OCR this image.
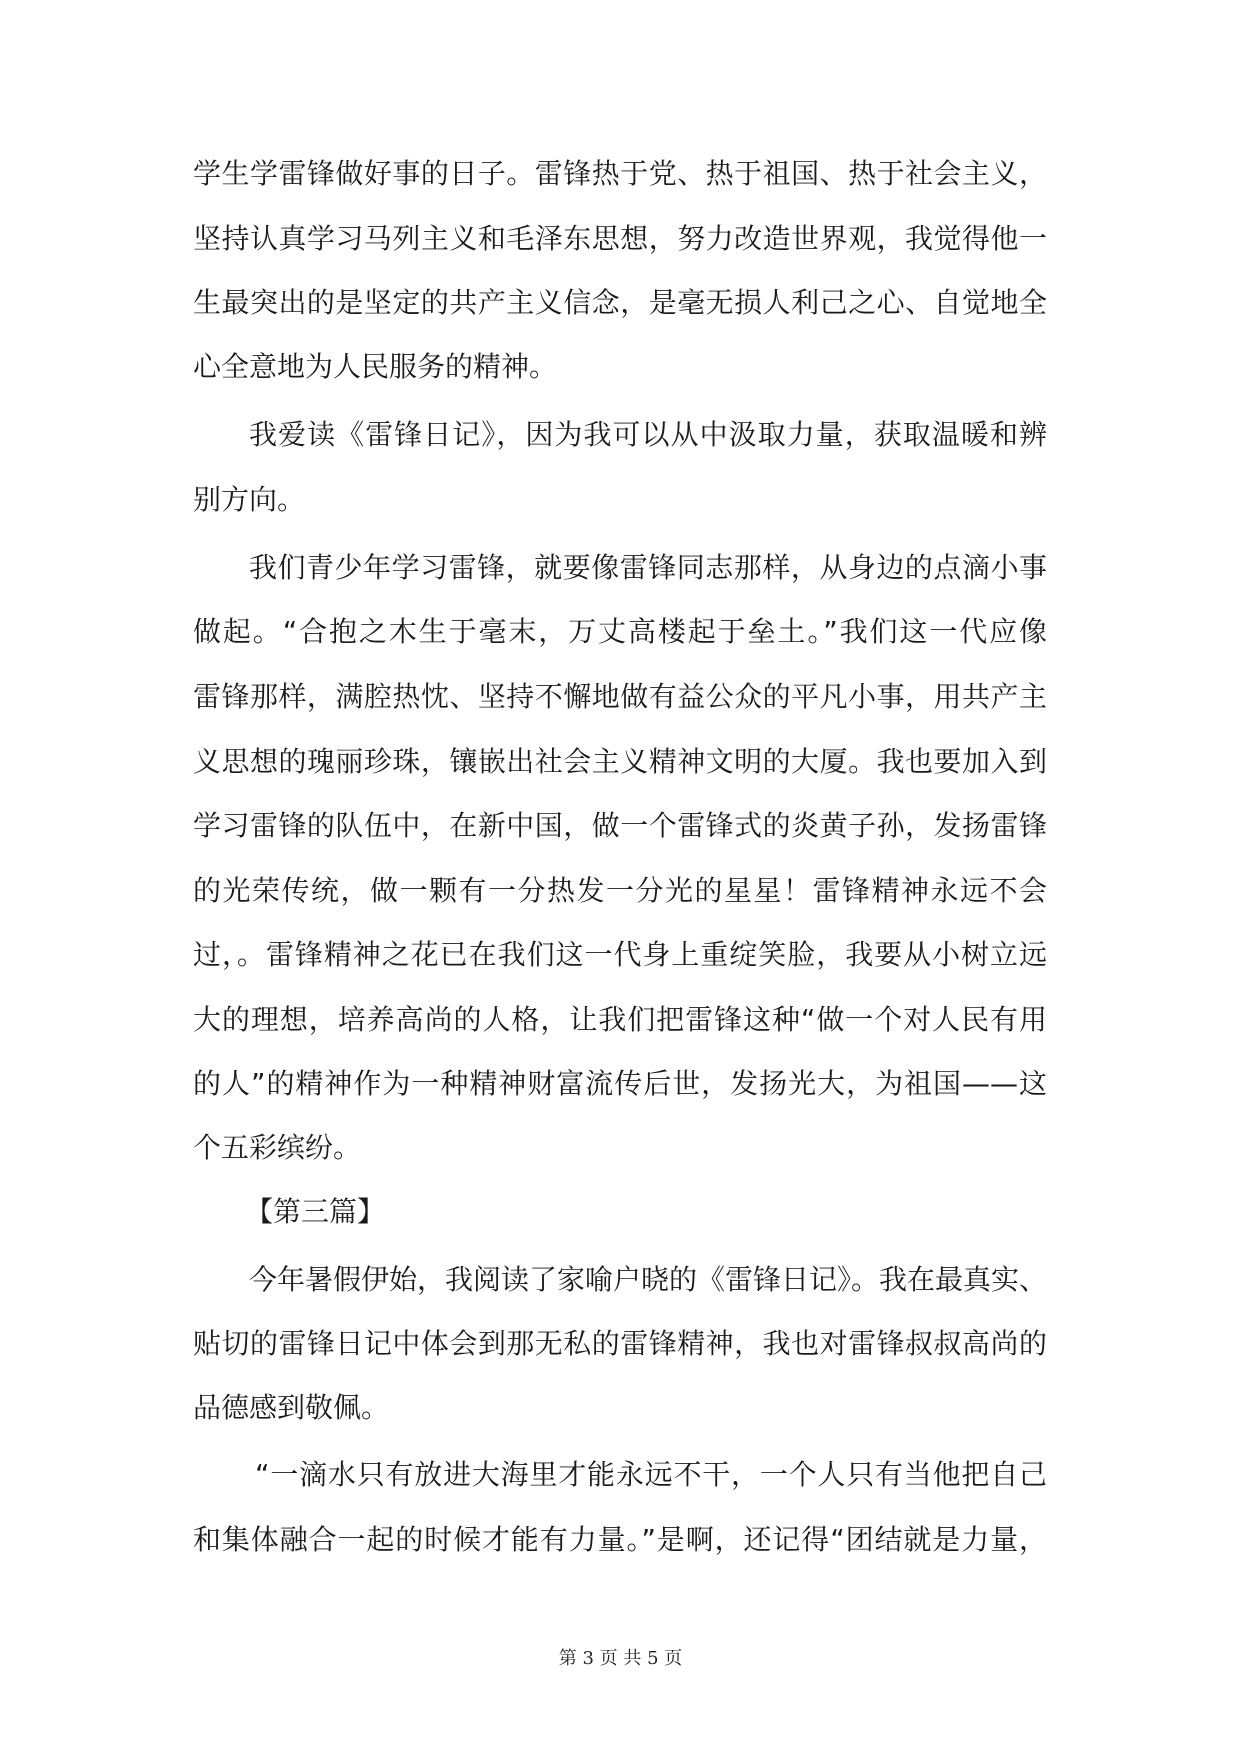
学生学雷锋做好事的日子。雷锋热于党、热于祖国、热于社会主义，
坚持认真学习马列主义和毛泽东思想，努力改造世界观，我觉得他一
生最突出的是坚定的共产主义信念，是毫无损人利己之心、自觉地全
心全意地为人民服务的精神。
我爱读《雷锋日记》，因为我可以从中汲取力量，获取温暖和辨
别方向。
我们青少年学习雷锋，就要像雷锋同志那样，从身边的点滴小事
做起。“合抱之木生于毫末，万丈高楼起于垒土。”我们这一代应像
雷锋那样，满腔热忱、坚持不懈地做有益公众的平凡小事，用共产主
义思想的瑰丽珍珠，镶嵌出社会主义精神文明的大厦。我也要加入到
学习雷锋的队伍中，在新中国，做一个雷锋式的炎黄子孙，发扬雷锋
的光荣传统，做一颗有一分热发一分光的星星！雷锋精神永远不会
过，。雷锋精神之花已在我们这一代身上重绽笑脸，我要从小树立远
大的理想，培养高尚的人格，让我们把雷锋这种“做一个对人民有用
的人”的精神作为一种精神财富流传后世，发扬光大，为祖国——这
个五彩缤纷。
【第三篇】
今年暑假伊始，我阅读了家喻户晓的《雷锋日记》。我在最真实、
贴切的雷锋日记中体会到那无私的雷锋精神，我也对雷锋叔叔高尚的
品德感到敬佩。
“一滴水只有放进大海里才能永远不干，一个人只有当他把自己
和集体融合一起的时候才能有力量。”是啊，还记得“团结就是力量，
第 3 页 共 5 页
